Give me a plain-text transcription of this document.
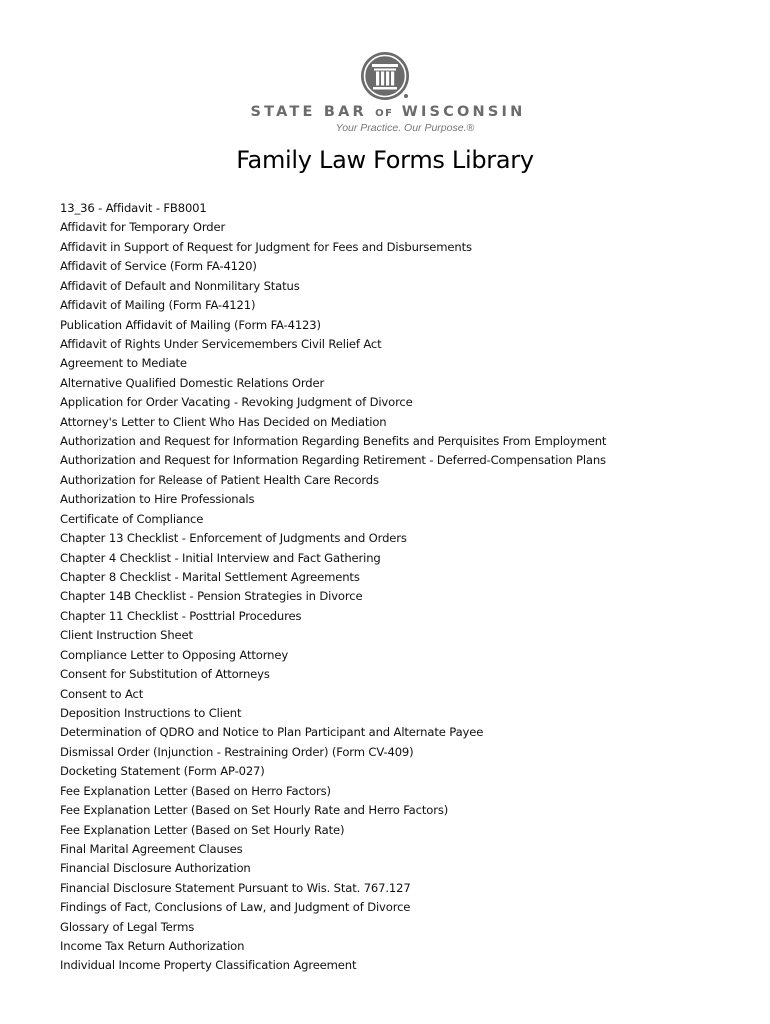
STATE BAR OF WISCONSIN
Your Practice. Our Purpose.®
Family Law Forms Library
13_36 - Affidavit - FB8001
Affidavit for Temporary Order
Affidavit in Support of Request for Judgment for Fees and Disbursements
Affidavit of Service (Form FA-4120)
Affidavit of Default and Nonmilitary Status
Affidavit of Mailing (Form FA-4121)
Publication Affidavit of Mailing (Form FA-4123)
Affidavit of Rights Under Servicemembers Civil Relief Act
Agreement to Mediate
Alternative Qualified Domestic Relations Order
Application for Order Vacating - Revoking Judgment of Divorce
Attorney's Letter to Client Who Has Decided on Mediation
Authorization and Request for Information Regarding Benefits and Perquisites From Employment
Authorization and Request for Information Regarding Retirement - Deferred-Compensation Plans
Authorization for Release of Patient Health Care Records
Authorization to Hire Professionals
Certificate of Compliance
Chapter 13 Checklist - Enforcement of Judgments and Orders
Chapter 4 Checklist - Initial Interview and Fact Gathering
Chapter 8 Checklist - Marital Settlement Agreements
Chapter 14B Checklist - Pension Strategies in Divorce
Chapter 11 Checklist - Posttrial Procedures
Client Instruction Sheet
Compliance Letter to Opposing Attorney
Consent for Substitution of Attorneys
Consent to Act
Deposition Instructions to Client
Determination of QDRO and Notice to Plan Participant and Alternate Payee
Dismissal Order (Injunction - Restraining Order) (Form CV-409)
Docketing Statement (Form AP-027)
Fee Explanation Letter (Based on Herro Factors)
Fee Explanation Letter (Based on Set Hourly Rate and Herro Factors)
Fee Explanation Letter (Based on Set Hourly Rate)
Final Marital Agreement Clauses
Financial Disclosure Authorization
Financial Disclosure Statement Pursuant to Wis. Stat. 767.127
Findings of Fact, Conclusions of Law, and Judgment of Divorce
Glossary of Legal Terms
Income Tax Return Authorization
Individual Income Property Classification Agreement
